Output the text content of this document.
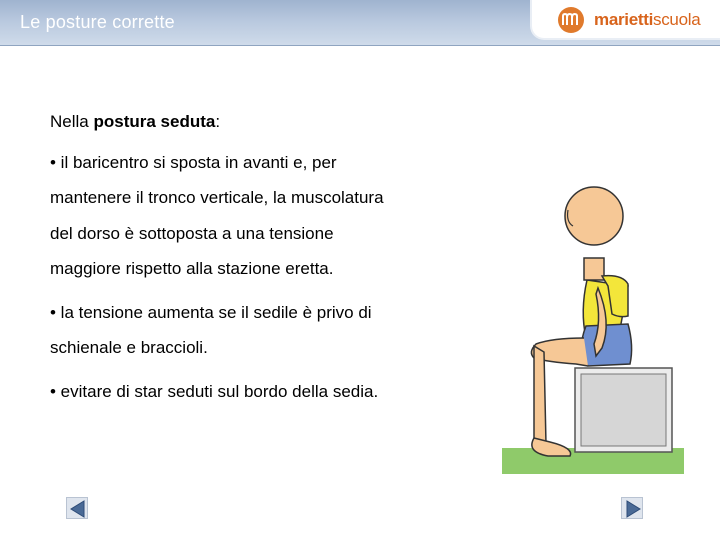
Le posture corrette	mariettiscuola

Nella postura seduta:

• il baricentro si sposta in avanti e, per

mantenere il tronco verticale, la muscolatura

del dorso è sottoposta a una tensione

maggiore rispetto alla stazione eretta.

• la tensione aumenta se il sedile è privo di

schienale e braccioli.

• evitare di star seduti sul bordo della sedia.
